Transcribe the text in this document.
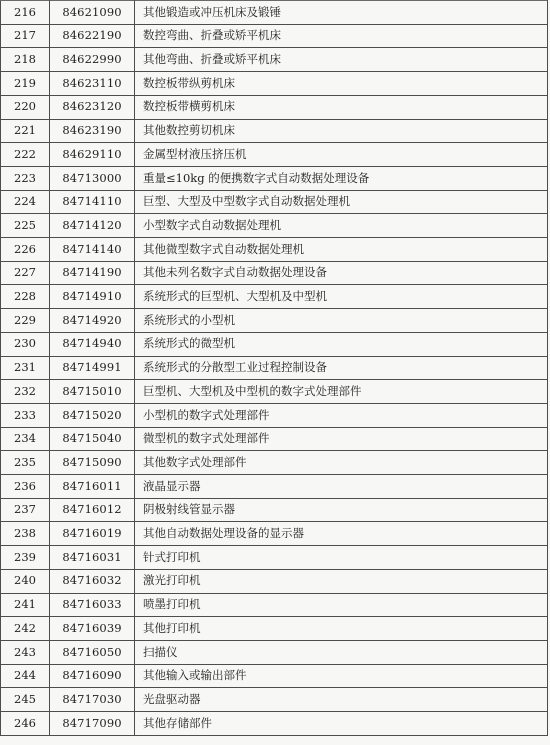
216	84621090	其他锻造或冲压机床及锻锤
217	84622190	数控弯曲、折叠或矫平机床
218	84622990	其他弯曲、折叠或矫平机床
219	84623110	数控板带纵剪机床
220	84623120	数控板带横剪机床
221	84623190	其他数控剪切机床
222	84629110	金属型材液压挤压机
223	84713000	重量≤10kg 的便携数字式自动数据处理设备
224	84714110	巨型、大型及中型数字式自动数据处理机
225	84714120	小型数字式自动数据处理机
226	84714140	其他微型数字式自动数据处理机
227	84714190	其他未列名数字式自动数据处理设备
228	84714910	系统形式的巨型机、大型机及中型机
229	84714920	系统形式的小型机
230	84714940	系统形式的微型机
231	84714991	系统形式的分散型工业过程控制设备
232	84715010	巨型机、大型机及中型机的数字式处理部件
233	84715020	小型机的数字式处理部件
234	84715040	微型机的数字式处理部件
235	84715090	其他数字式处理部件
236	84716011	液晶显示器
237	84716012	阴极射线管显示器
238	84716019	其他自动数据处理设备的显示器
239	84716031	针式打印机
240	84716032	激光打印机
241	84716033	喷墨打印机
242	84716039	其他打印机
243	84716050	扫描仪
244	84716090	其他输入或输出部件
245	84717030	光盘驱动器
246	84717090	其他存储部件
